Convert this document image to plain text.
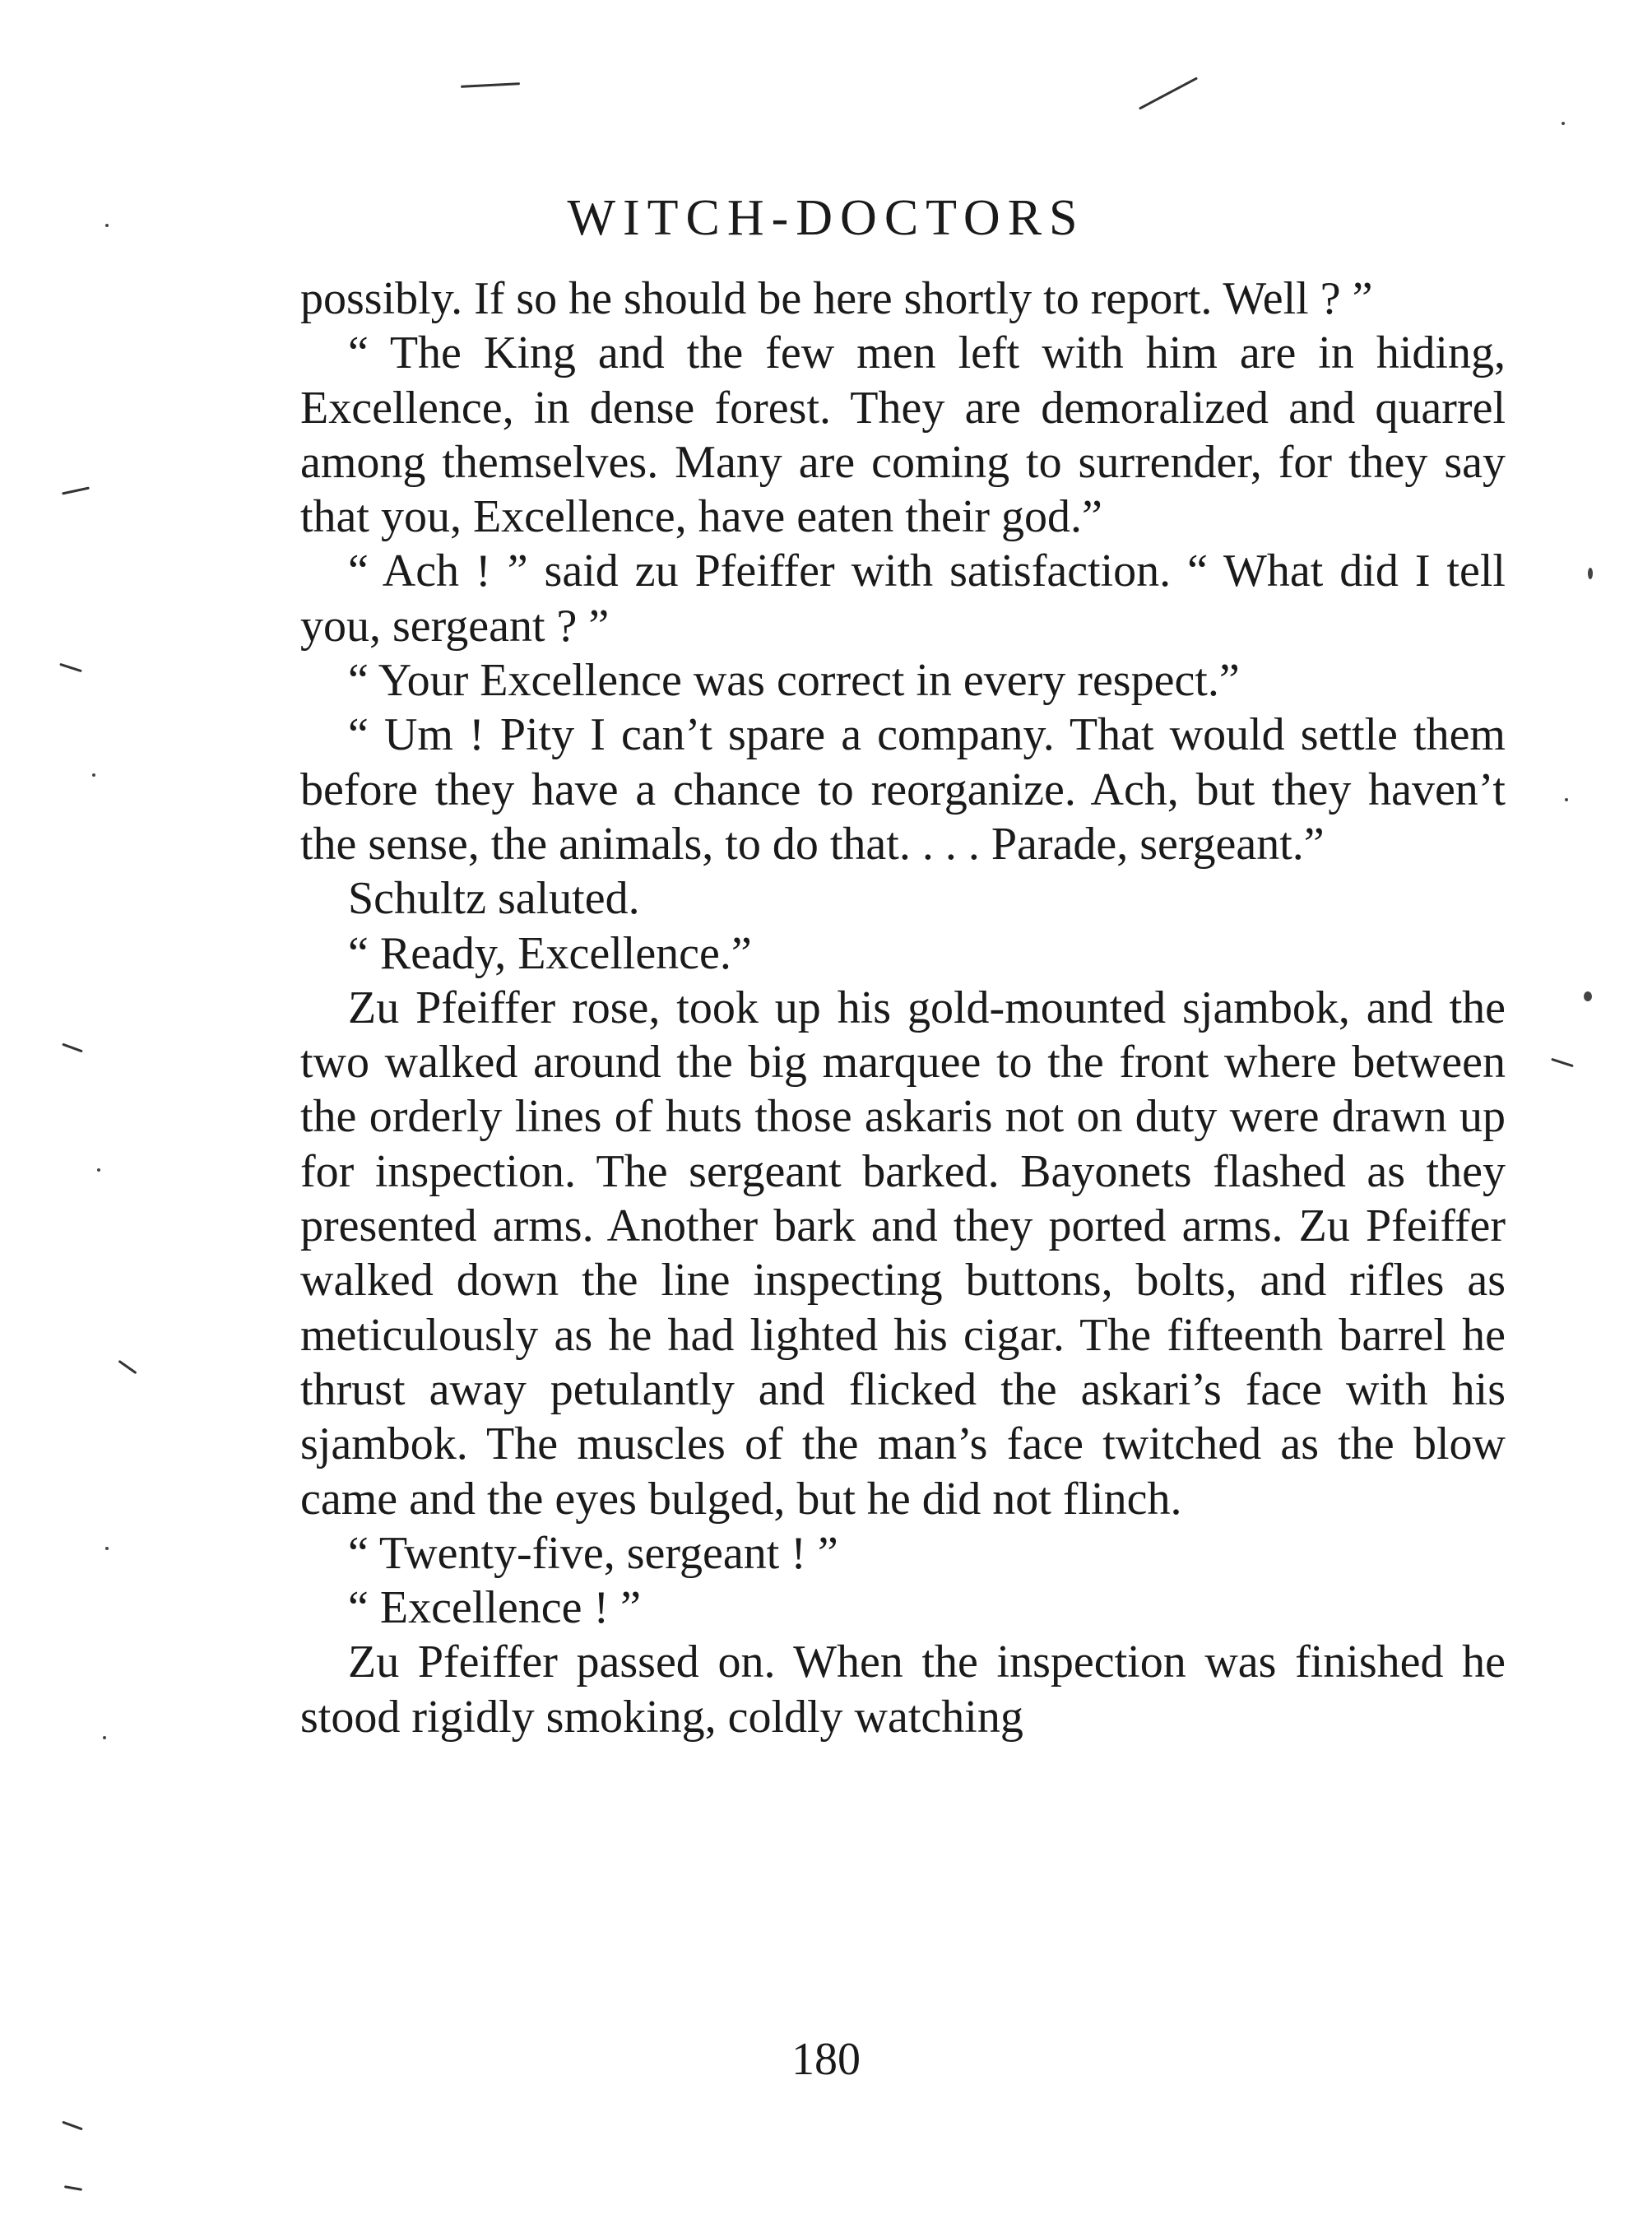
WITCH-DOCTORS

possibly. If so he should be here shortly to report. Well ? ”

“ The King and the few men left with him are in hiding, Excellence, in dense forest. They are demoralized and quarrel among themselves. Many are coming to surrender, for they say that you, Excellence, have eaten their god.”

“ Ach ! ” said zu Pfeiffer with satisfaction. “ What did I tell you, sergeant ? ”

“ Your Excellence was correct in every respect.”

“ Um ! Pity I can’t spare a company. That would settle them before they have a chance to reorganize. Ach, but they haven’t the sense, the animals, to do that. . . . Parade, sergeant.”

Schultz saluted.

“ Ready, Excellence.”

Zu Pfeiffer rose, took up his gold-mounted sjambok, and the two walked around the big marquee to the front where between the orderly lines of huts those askaris not on duty were drawn up for inspection. The sergeant barked. Bayonets flashed as they presented arms. Another bark and they ported arms. Zu Pfeiffer walked down the line inspecting buttons, bolts, and rifles as meticulously as he had lighted his cigar. The fifteenth barrel he thrust away petulantly and flicked the askari’s face with his sjambok. The muscles of the man’s face twitched as the blow came and the eyes bulged, but he did not flinch.

“ Twenty-five, sergeant ! ”

“ Excellence ! ”

Zu Pfeiffer passed on. When the inspection was finished he stood rigidly smoking, coldly watching

180
